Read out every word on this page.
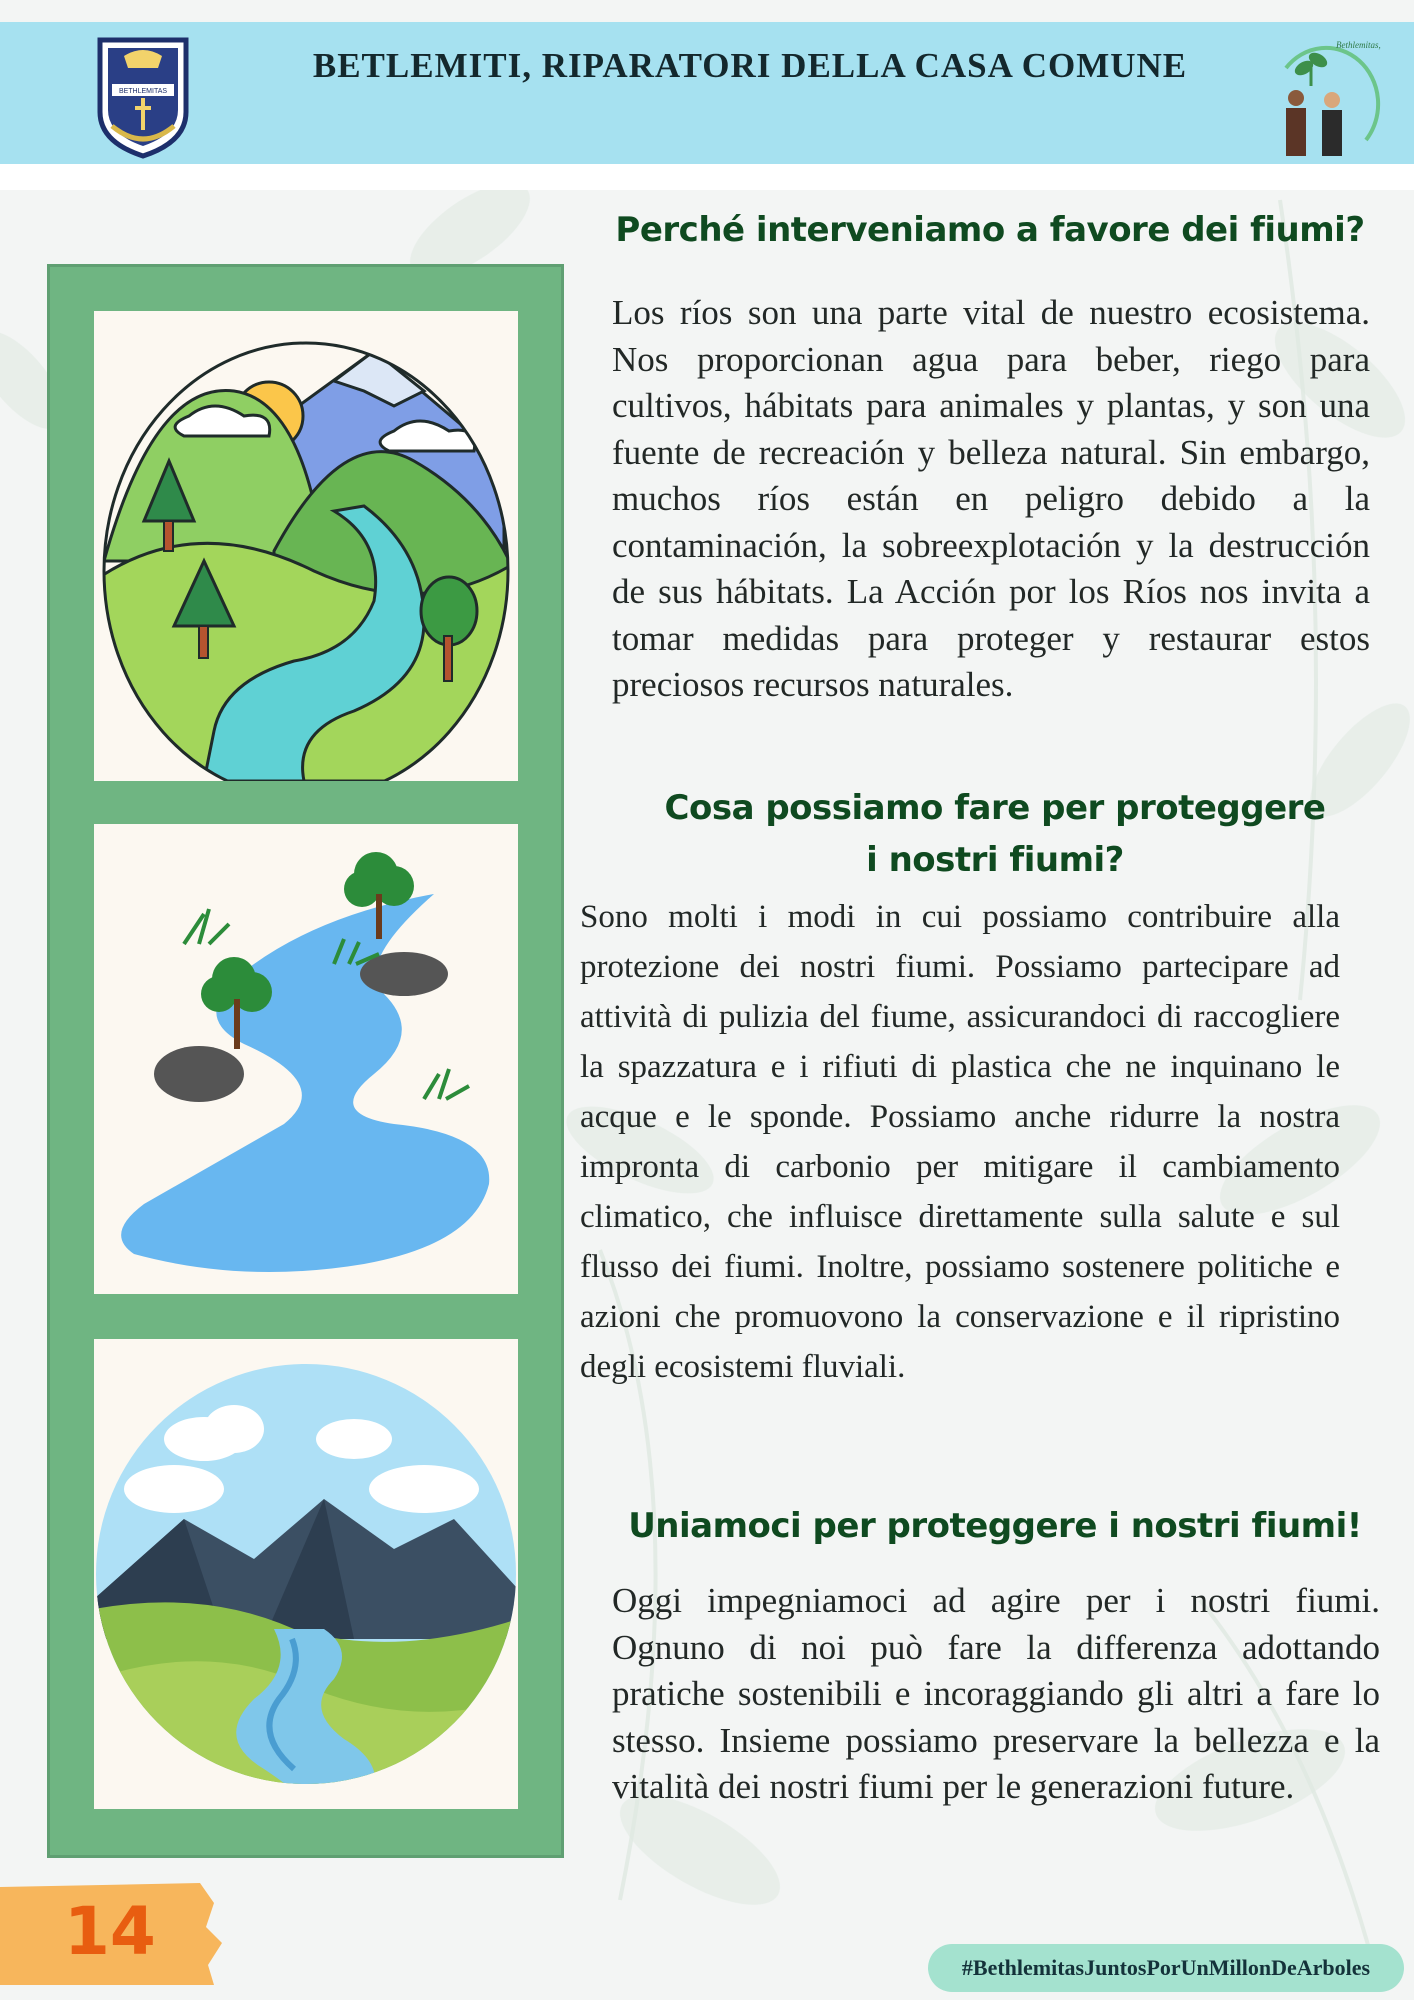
BETHLEMITAS
BETLEMITI, RIPARATORI DELLA CASA COMUNE
Bethlemitas,
Perché interveniamo a favore dei fiumi?
Los ríos son una parte vital de nuestro ecosistema. Nos proporcionan agua para beber, riego para cultivos, hábitats para animales y plantas, y son una fuente de recreación y belleza natural. Sin embargo, muchos ríos están en peligro debido a la contaminación, la sobreexplotación y la destrucción de sus hábitats. La Acción por los Ríos nos invita a tomar medidas para proteger y restaurar estos preciosos recursos naturales.
Cosa possiamo fare per proteggere
i nostri fiumi?
Sono molti i modi in cui possiamo contribuire alla protezione dei nostri fiumi. Possiamo partecipare ad attività di pulizia del fiume, assicurandoci di raccogliere la spazzatura e i rifiuti di plastica che ne inquinano le acque e le sponde. Possiamo anche ridurre la nostra impronta di carbonio per mitigare il cambiamento climatico, che influisce direttamente sulla salute e sul flusso dei fiumi. Inoltre, possiamo sostenere politiche e azioni che promuovono la conservazione e il ripristino degli ecosistemi fluviali.
Uniamoci per proteggere i nostri fiumi!
Oggi impegniamoci ad agire per i nostri fiumi. Ognuno di noi può fare la differenza adottando pratiche sostenibili e incoraggiando gli altri a fare lo stesso. Insieme possiamo preservare la bellezza e la vitalità dei nostri fiumi per le generazioni future.
14	#BethlemitasJuntosPorUnMillonDeArboles
